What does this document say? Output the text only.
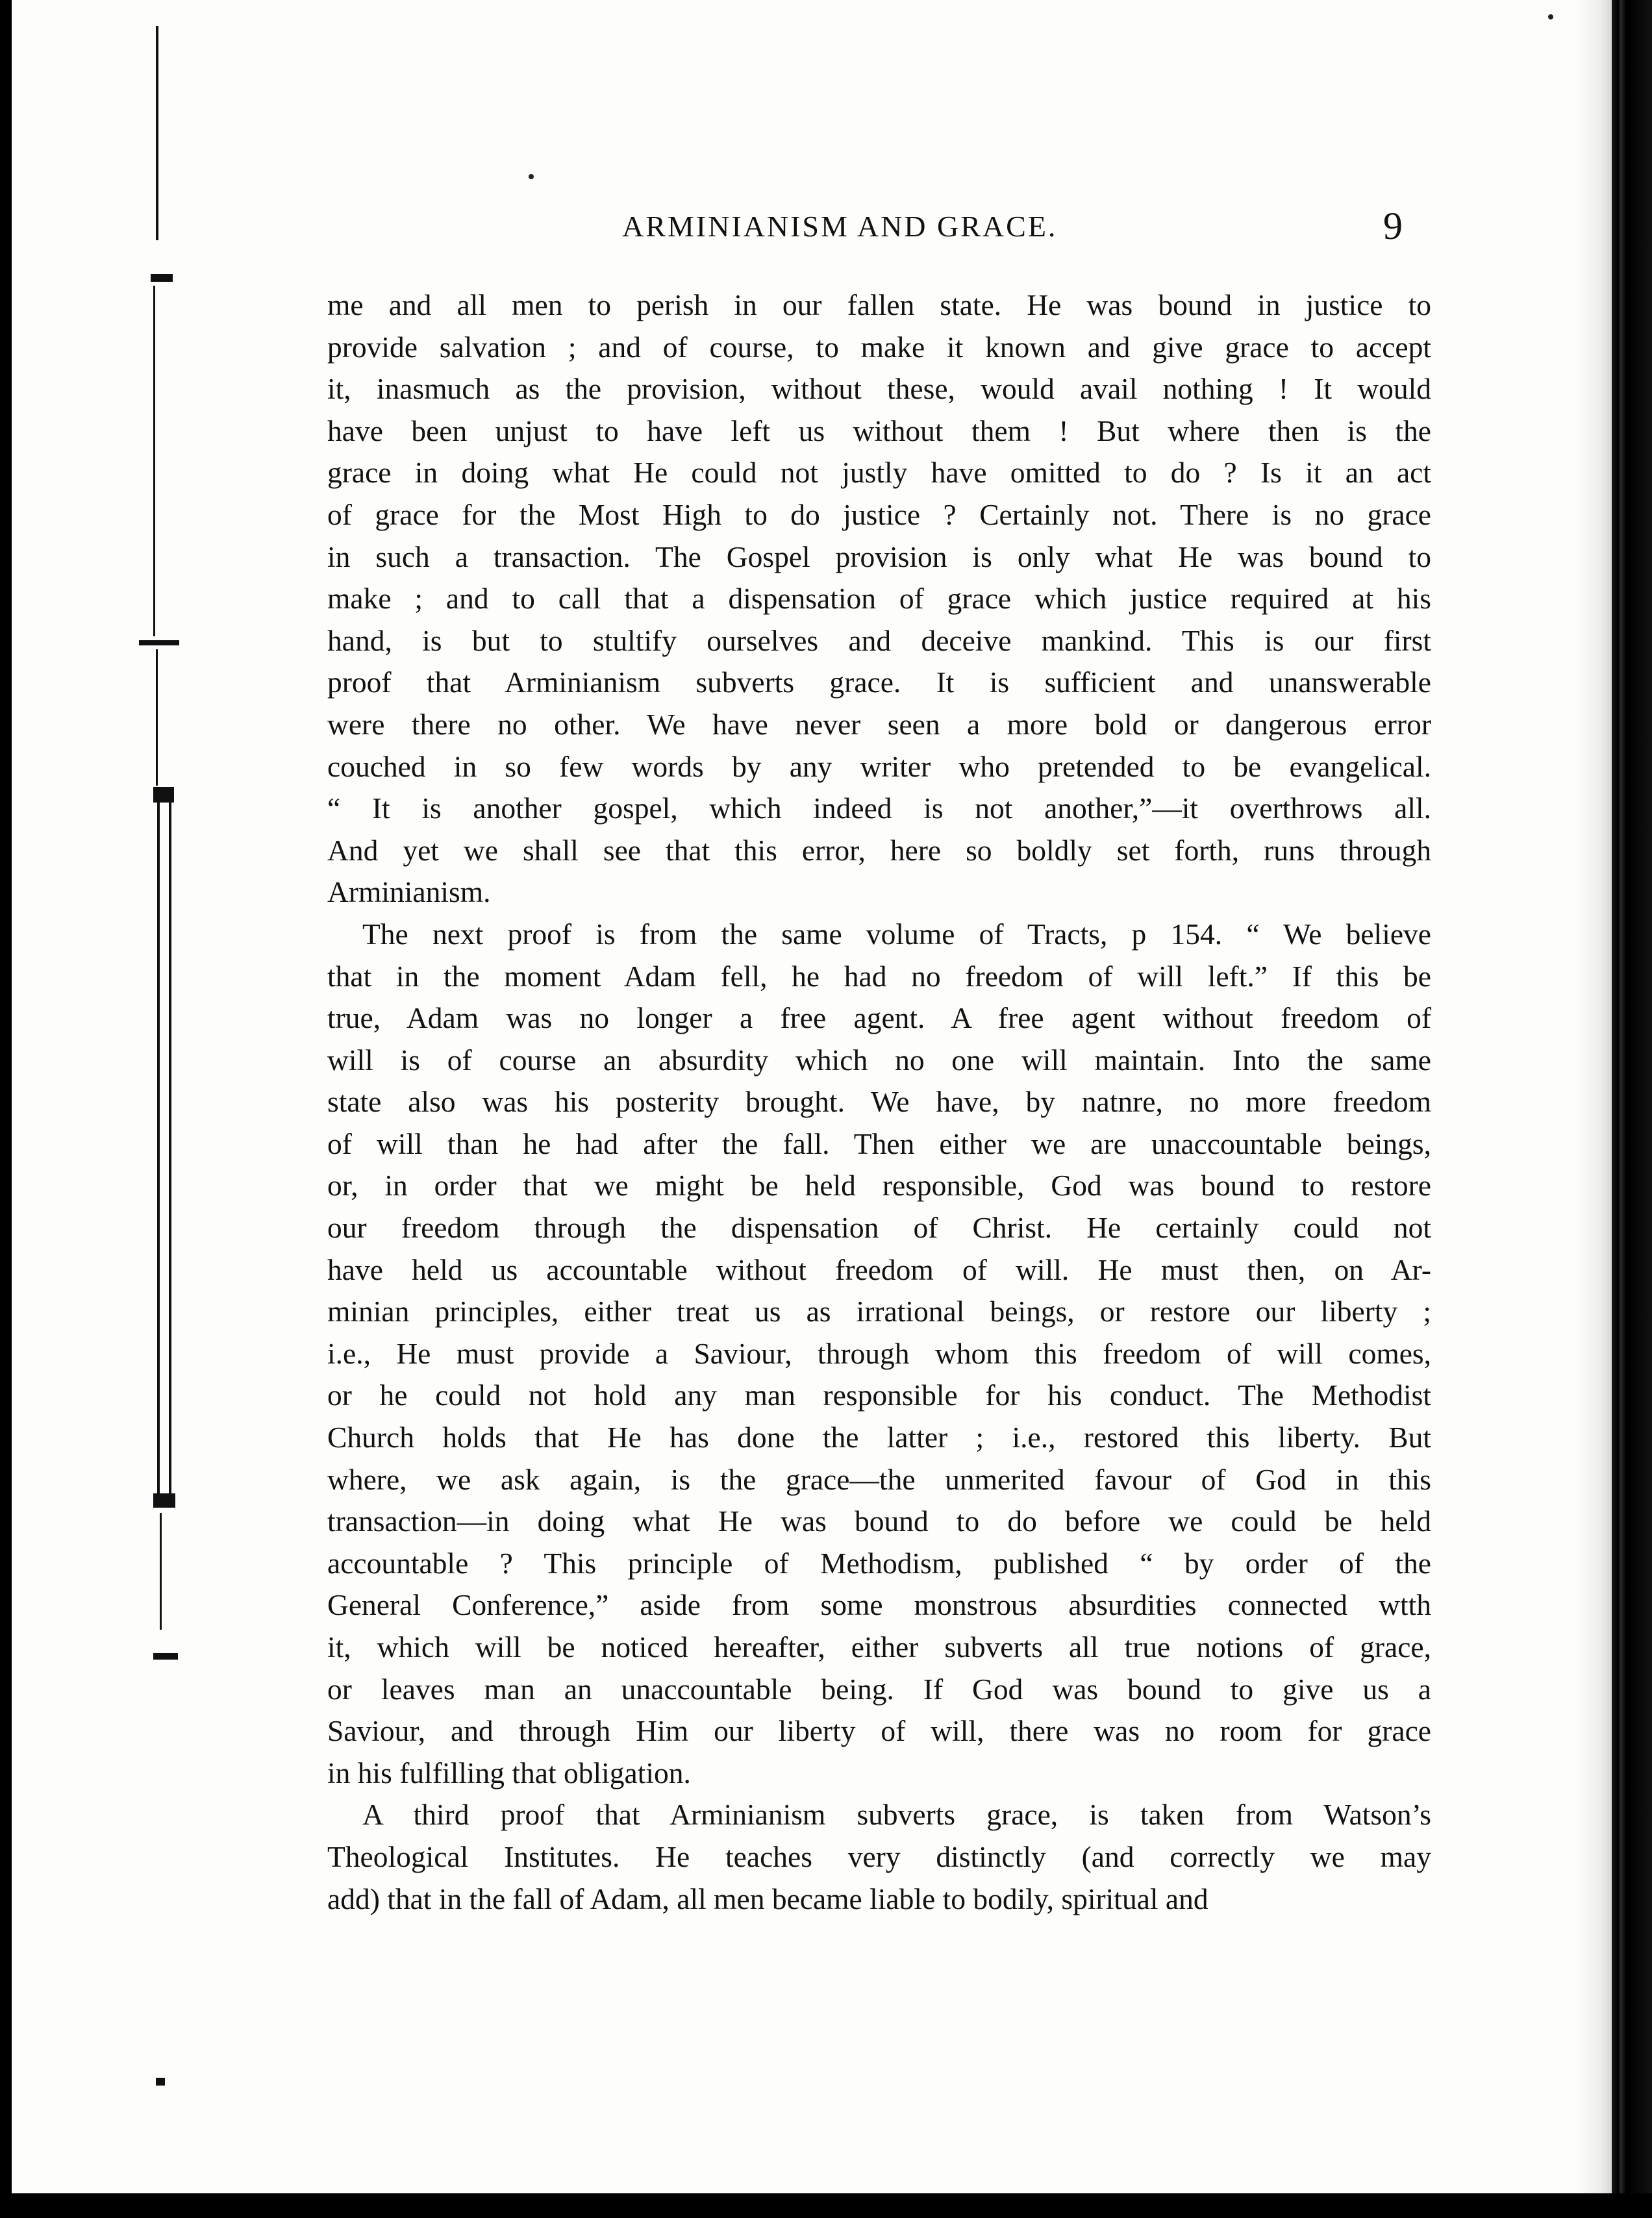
ARMINIANISM AND GRACE.	9
me and all men to perish in our fallen state. He was bound in justice to
provide salvation ; and of course, to make it known and give grace to accept
it, inasmuch as the provision, without these, would avail nothing ! It would
have been unjust to have left us without them ! But where then is the
grace in doing what He could not justly have omitted to do ? Is it an act
of grace for the Most High to do justice ? Certainly not. There is no grace
in such a transaction. The Gospel provision is only what He was bound to
make ; and to call that a dispensation of grace which justice required at his
hand, is but to stultify ourselves and deceive mankind. This is our first
proof that Arminianism subverts grace. It is sufficient and unanswerable
were there no other. We have never seen a more bold or dangerous error
couched in so few words by any writer who pretended to be evangelical.
“ It is another gospel, which indeed is not another,”—it overthrows all.
And yet we shall see that this error, here so boldly set forth, runs through
Arminianism.
The next proof is from the same volume of Tracts, p 154. “ We believe
that in the moment Adam fell, he had no freedom of will left.” If this be
true, Adam was no longer a free agent. A free agent without freedom of
will is of course an absurdity which no one will maintain. Into the same
state also was his posterity brought. We have, by natnre, no more freedom
of will than he had after the fall. Then either we are unaccountable beings,
or, in order that we might be held responsible, God was bound to restore
our freedom through the dispensation of Christ. He certainly could not
have held us accountable without freedom of will. He must then, on Ar-
minian principles, either treat us as irrational beings, or restore our liberty ;
i.e., He must provide a Saviour, through whom this freedom of will comes,
or he could not hold any man responsible for his conduct. The Methodist
Church holds that He has done the latter ; i.e., restored this liberty. But
where, we ask again, is the grace—the unmerited favour of God in this
transaction—in doing what He was bound to do before we could be held
accountable ? This principle of Methodism, published “ by order of the
General Conference,” aside from some monstrous absurdities connected wtth
it, which will be noticed hereafter, either subverts all true notions of grace,
or leaves man an unaccountable being. If God was bound to give us a
Saviour, and through Him our liberty of will, there was no room for grace
in his fulfilling that obligation.
A third proof that Arminianism subverts grace, is taken from Watson’s
Theological Institutes. He teaches very distinctly (and correctly we may
add) that in the fall of Adam, all men became liable to bodily, spiritual and
